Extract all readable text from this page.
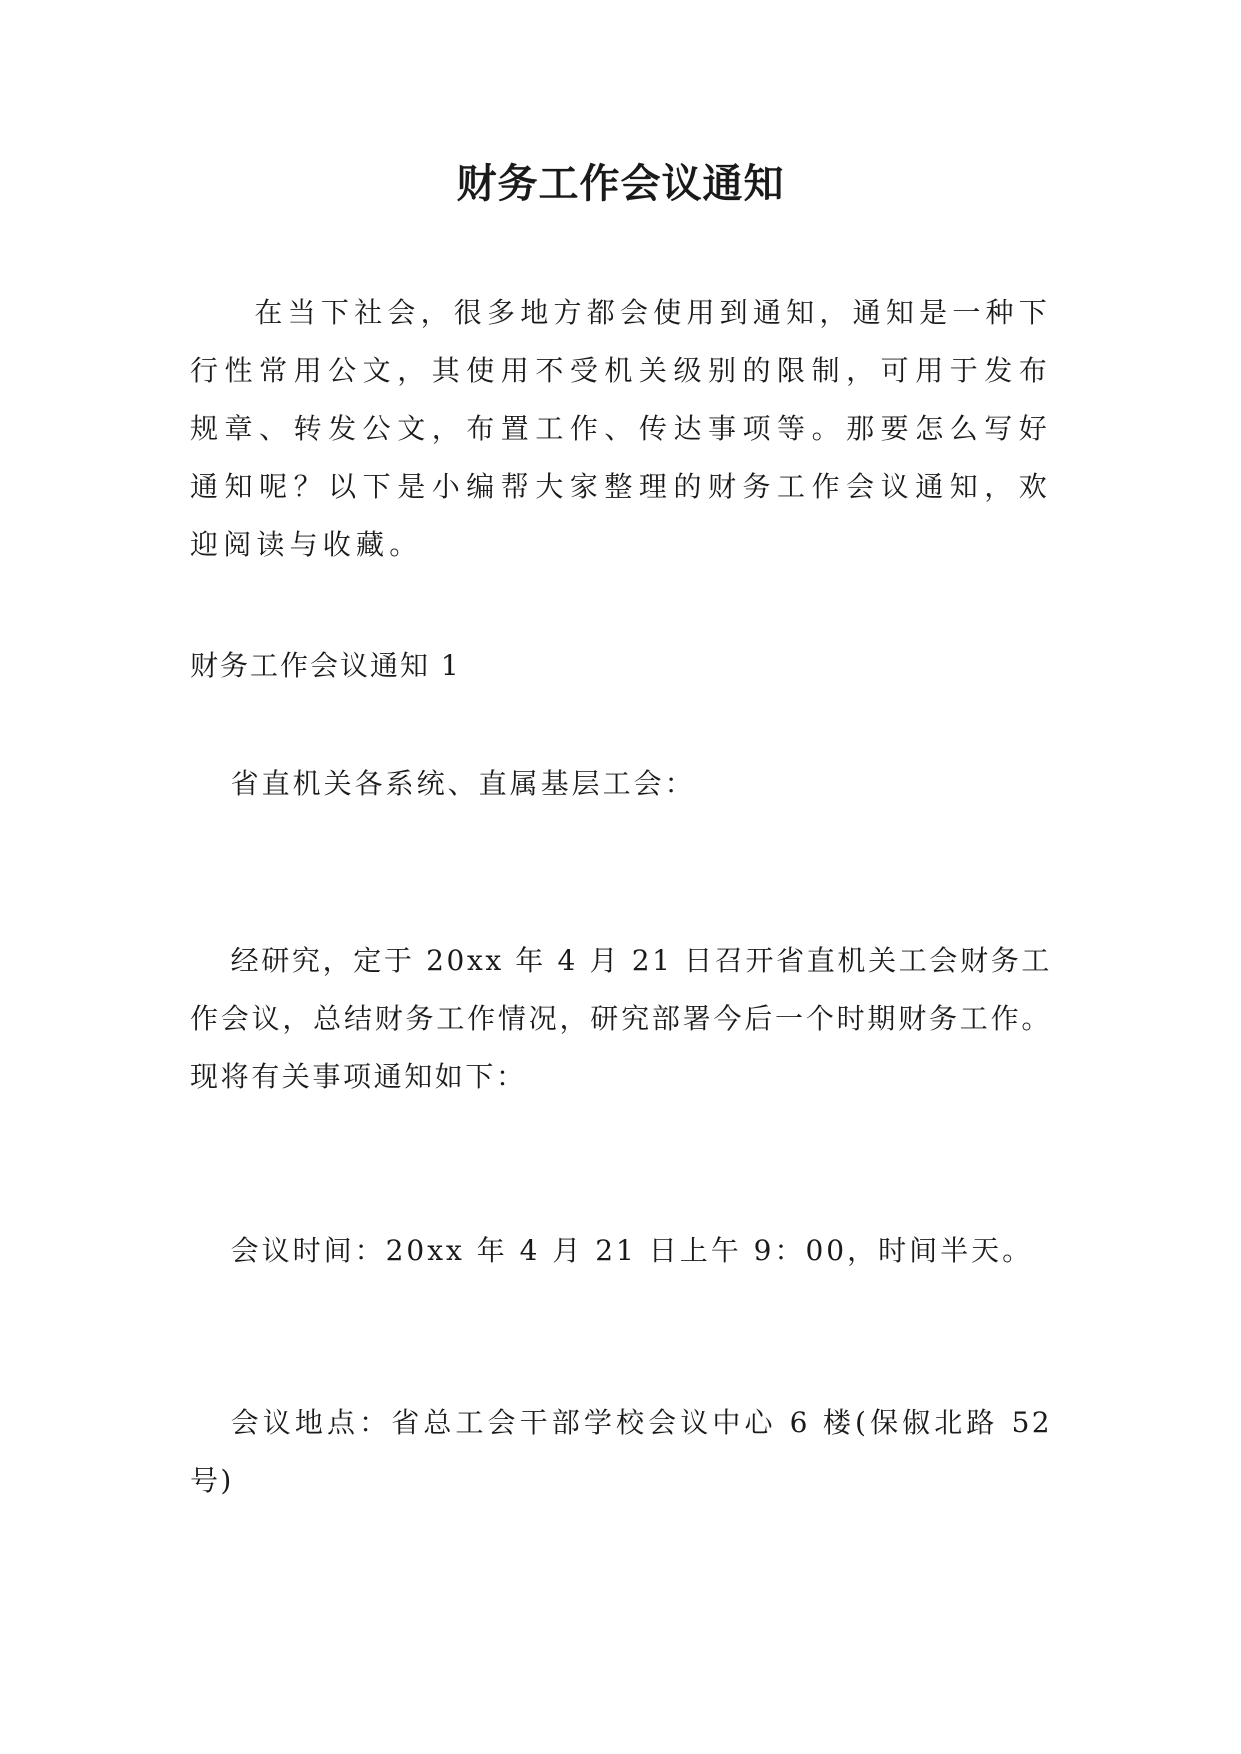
财务工作会议通知

在当下社会，很多地方都会使用到通知，通知是一种下行性常用公文，其使用不受机关级别的限制，可用于发布规章、转发公文，布置工作、传达事项等。那要怎么写好通知呢？以下是小编帮大家整理的财务工作会议通知，欢迎阅读与收藏。

财务工作会议通知 1

省直机关各系统、直属基层工会：

经研究，定于 20xx 年 4 月 21 日召开省直机关工会财务工作会议，总结财务工作情况，研究部署今后一个时期财务工作。现将有关事项通知如下：

会议时间：20xx 年 4 月 21 日上午 9：00，时间半天。

会议地点：省总工会干部学校会议中心 6 楼(保俶北路 52 号)
